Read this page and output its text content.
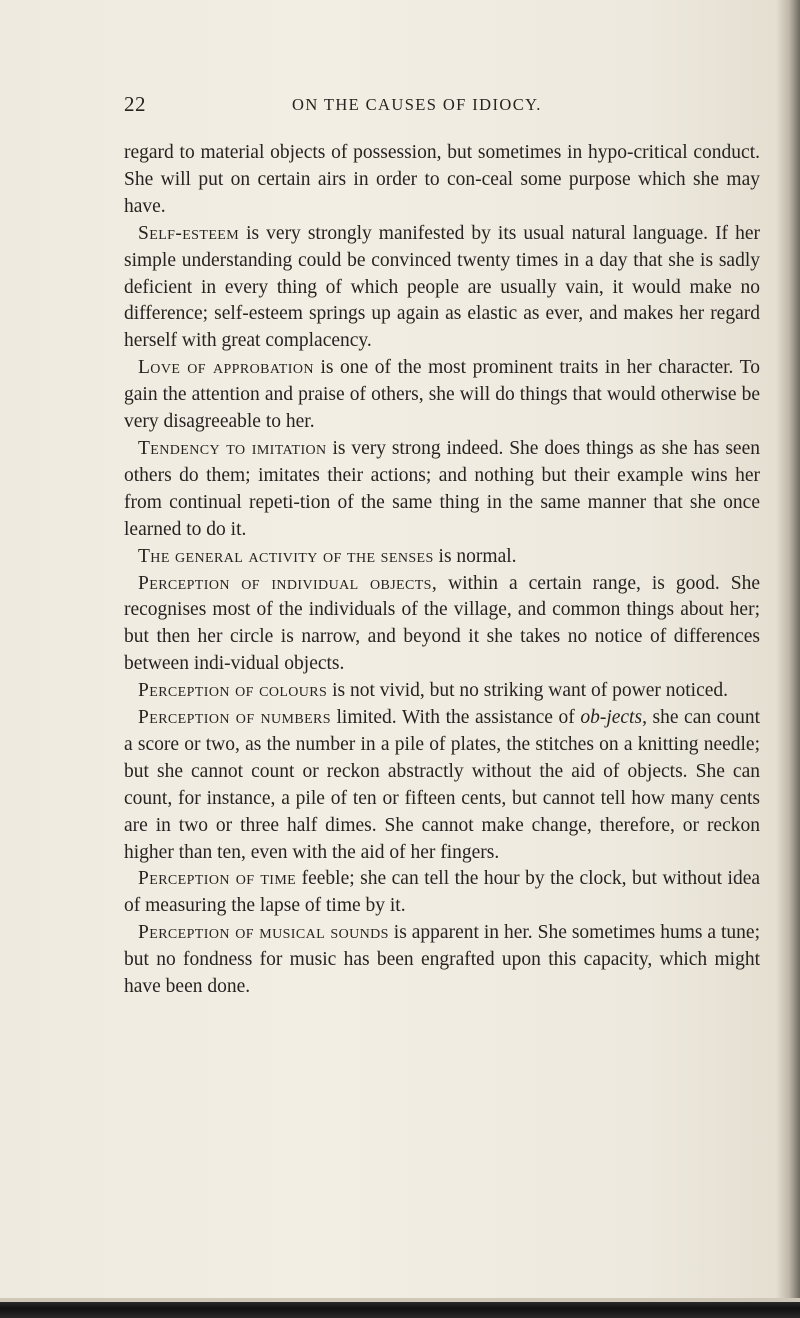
22	ON THE CAUSES OF IDIOCY.

regard to material objects of possession, but sometimes in hypo-critical conduct. She will put on certain airs in order to con-ceal some purpose which she may have.

Self-esteem is very strongly manifested by its usual natural language. If her simple understanding could be convinced twenty times in a day that she is sadly deficient in every thing of which people are usually vain, it would make no difference; self-esteem springs up again as elastic as ever, and makes her regard herself with great complacency.

Love of approbation is one of the most prominent traits in her character. To gain the attention and praise of others, she will do things that would otherwise be very disagreeable to her.

Tendency to imitation is very strong indeed. She does things as she has seen others do them; imitates their actions; and nothing but their example wins her from continual repeti-tion of the same thing in the same manner that she once learned to do it.

The general activity of the senses is normal.

Perception of individual objects, within a certain range, is good. She recognises most of the individuals of the village, and common things about her; but then her circle is narrow, and beyond it she takes no notice of differences between indi-vidual objects.

Perception of colours is not vivid, but no striking want of power noticed.

Perception of numbers limited. With the assistance of ob-jects, she can count a score or two, as the number in a pile of plates, the stitches on a knitting needle; but she cannot count or reckon abstractly without the aid of objects. She can count, for instance, a pile of ten or fifteen cents, but cannot tell how many cents are in two or three half dimes. She cannot make change, therefore, or reckon higher than ten, even with the aid of her fingers.

Perception of time feeble; she can tell the hour by the clock, but without idea of measuring the lapse of time by it.

Perception of musical sounds is apparent in her. She sometimes hums a tune; but no fondness for music has been engrafted upon this capacity, which might have been done.
